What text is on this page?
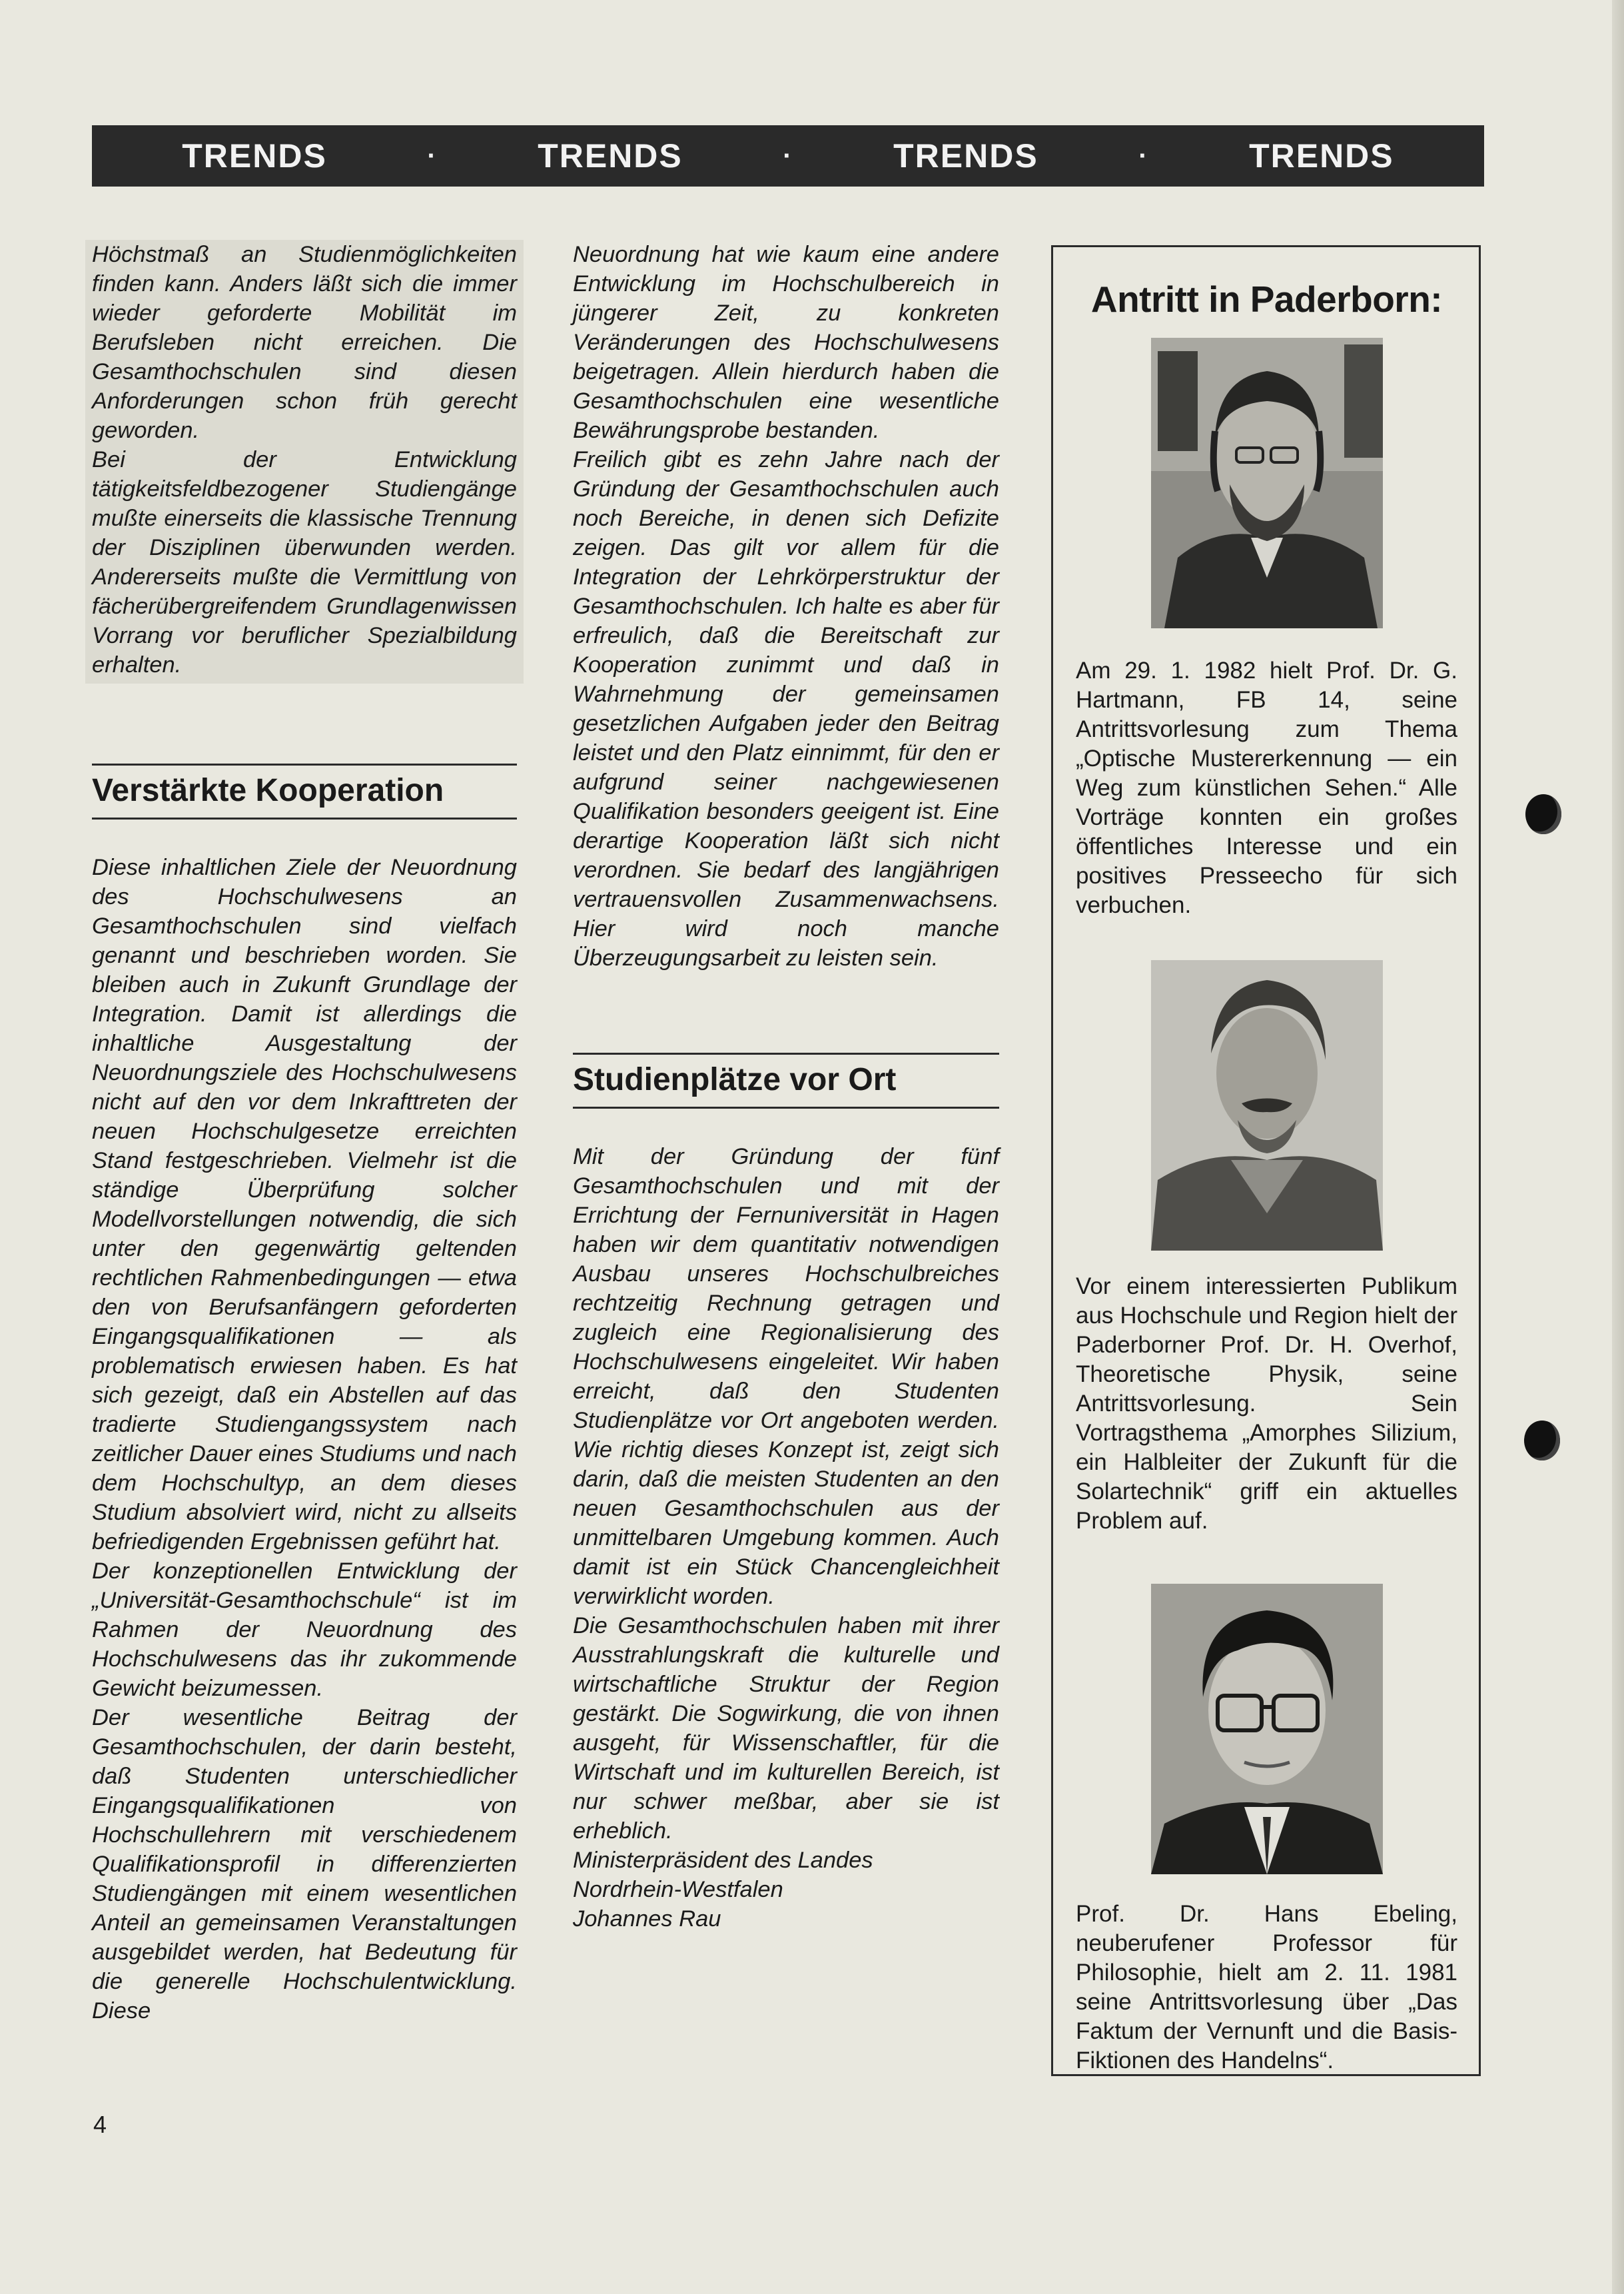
TRENDS	·	TRENDS	·	TRENDS	·	TRENDS

Höchstmaß an Studienmöglichkeiten finden kann. Anders läßt sich die immer wieder geforderte Mobilität im Berufsleben nicht erreichen. Die Gesamthochschulen sind diesen Anforderungen schon früh gerecht geworden.

Bei der Entwicklung tätigkeitsfeldbezogener Studiengänge mußte einerseits die klassische Trennung der Disziplinen überwunden werden. Andererseits mußte die Vermittlung von fächerübergreifendem Grundlagenwissen Vorrang vor beruflicher Spezialbildung erhalten.

Verstärkte Kooperation

Diese inhaltlichen Ziele der Neuordnung des Hochschulwesens an Gesamthochschulen sind vielfach genannt und beschrieben worden. Sie bleiben auch in Zukunft Grundlage der Integration. Damit ist allerdings die inhaltliche Ausgestaltung der Neuordnungsziele des Hochschulwesens nicht auf den vor dem Inkrafttreten der neuen Hochschulgesetze erreichten Stand festgeschrieben. Vielmehr ist die ständige Überprüfung solcher Modellvorstellungen notwendig, die sich unter den gegenwärtig geltenden rechtlichen Rahmenbedingungen — etwa den von Berufsanfängern geforderten Eingangsqualifikationen — als problematisch erwiesen haben. Es hat sich gezeigt, daß ein Abstellen auf das tradierte Studiengangssystem nach zeitlicher Dauer eines Studiums und nach dem Hochschultyp, an dem dieses Studium absolviert wird, nicht zu allseits befriedigenden Ergebnissen geführt hat.

Der konzeptionellen Entwicklung der „Universität-Gesamthochschule“ ist im Rahmen der Neuordnung des Hochschulwesens das ihr zukommende Gewicht beizumessen.

Der wesentliche Beitrag der Gesamthochschulen, der darin besteht, daß Studenten unterschiedlicher Eingangsqualifikationen von Hochschullehrern mit verschiedenem Qualifikationsprofil in differenzierten Studiengängen mit einem wesentlichen Anteil an gemeinsamen Veranstaltungen ausgebildet werden, hat Bedeutung für die generelle Hochschulentwicklung. Diese

Neuordnung hat wie kaum eine andere Entwicklung im Hochschulbereich in jüngerer Zeit, zu konkreten Veränderungen des Hochschulwesens beigetragen. Allein hierdurch haben die Gesamthochschulen eine wesentliche Bewährungsprobe bestanden.

Freilich gibt es zehn Jahre nach der Gründung der Gesamthochschulen auch noch Bereiche, in denen sich Defizite zeigen. Das gilt vor allem für die Integration der Lehrkörperstruktur der Gesamthochschulen. Ich halte es aber für erfreulich, daß die Bereitschaft zur Kooperation zunimmt und daß in Wahrnehmung der gemeinsamen gesetzlichen Aufgaben jeder den Beitrag leistet und den Platz einnimmt, für den er aufgrund seiner nachgewiesenen Qualifikation besonders geeigent ist. Eine derartige Kooperation läßt sich nicht verordnen. Sie bedarf des langjährigen vertrauensvollen Zusammenwachsens. Hier wird noch manche Überzeugungsarbeit zu leisten sein.

Studienplätze vor Ort

Mit der Gründung der fünf Gesamthochschulen und mit der Errichtung der Fernuniversität in Hagen haben wir dem quantitativ notwendigen Ausbau unseres Hochschulbreiches rechtzeitig Rechnung getragen und zugleich eine Regionalisierung des Hochschulwesens eingeleitet. Wir haben erreicht, daß den Studenten Studienplätze vor Ort angeboten werden. Wie richtig dieses Konzept ist, zeigt sich darin, daß die meisten Studenten an den neuen Gesamthochschulen aus der unmittelbaren Umgebung kommen. Auch damit ist ein Stück Chancengleichheit verwirklicht worden.

Die Gesamthochschulen haben mit ihrer Ausstrahlungskraft die kulturelle und wirtschaftliche Struktur der Region gestärkt. Die Sogwirkung, die von ihnen ausgeht, für Wissenschaftler, für die Wirtschaft und im kulturellen Bereich, ist nur schwer meßbar, aber sie ist erheblich.

Ministerpräsident des Landes

Nordrhein-Westfalen

Johannes Rau

Antritt in Paderborn:

Am 29. 1. 1982 hielt Prof. Dr. G. Hartmann, FB 14, seine Antrittsvorlesung zum Thema „Optische Mustererkennung — ein Weg zum künstlichen Sehen.“ Alle Vorträge konnten ein großes öffentliches Interesse und ein positives Presseecho für sich verbuchen.

Vor einem interessierten Publikum aus Hochschule und Region hielt der Paderborner Prof. Dr. H. Overhof, Theoretische Physik, seine Antrittsvorlesung. Sein Vortragsthema „Amorphes Silizium, ein Halbleiter der Zukunft für die Solartechnik“ griff ein aktuelles Problem auf.

Prof. Dr. Hans Ebeling, neuberufener Professor für Philosophie, hielt am 2. 11. 1981 seine Antrittsvorlesung über „Das Faktum der Vernunft und die Basis-Fiktionen des Handelns“.

4
